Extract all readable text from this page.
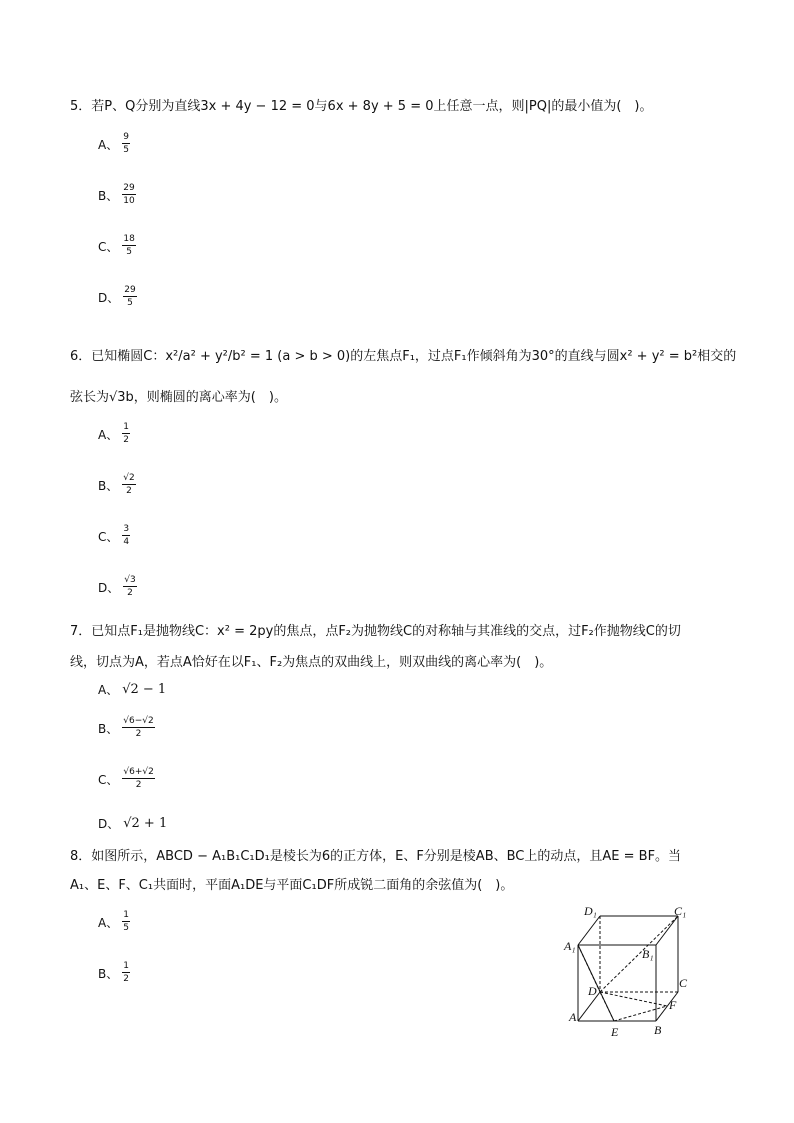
5．若P、Q分别为直线3x + 4y − 12 = 0与6x + 8y + 5 = 0上任意一点，则|PQ|的最小值为(　)。
A、 $\frac{9}{5}$
B、 $\frac{29}{10}$
C、 $\frac{18}{5}$
D、 $\frac{29}{5}$
6．已知椭圆C：x²/a² + y²/b² = 1 (a > b > 0)的左焦点F₁，过点F₁作倾斜角为30°的直线与圆x² + y² = b²相交的
弦长为√3b，则椭圆的离心率为(　)。
A、 $\frac{1}{2}$
B、 $\frac{√2}{2}$
C、 $\frac{3}{4}$
D、 $\frac{√3}{2}$
7．已知点F₁是抛物线C：x² = 2py的焦点，点F₂为抛物线C的对称轴与其准线的交点，过F₂作抛物线C的切
线，切点为A，若点A恰好在以F₁、F₂为焦点的双曲线上，则双曲线的离心率为(　)。
A、 √2 − 1
B、 $\frac{√6-√2}{2}$
C、 $\frac{√6+√2}{2}$
D、 √2 + 1
8．如图所示，ABCD − A₁B₁C₁D₁是棱长为6的正方体，E、F分别是棱AB、BC上的动点，且AE = BF。当
A₁、E、F、C₁共面时，平面A₁DE与平面C₁DF所成锐二面角的余弦值为(　)。
A、 $\frac{1}{5}$
B、 $\frac{1}{2}$
D₁	C₁
A₁
B₁
C
D
F
A
E	B
